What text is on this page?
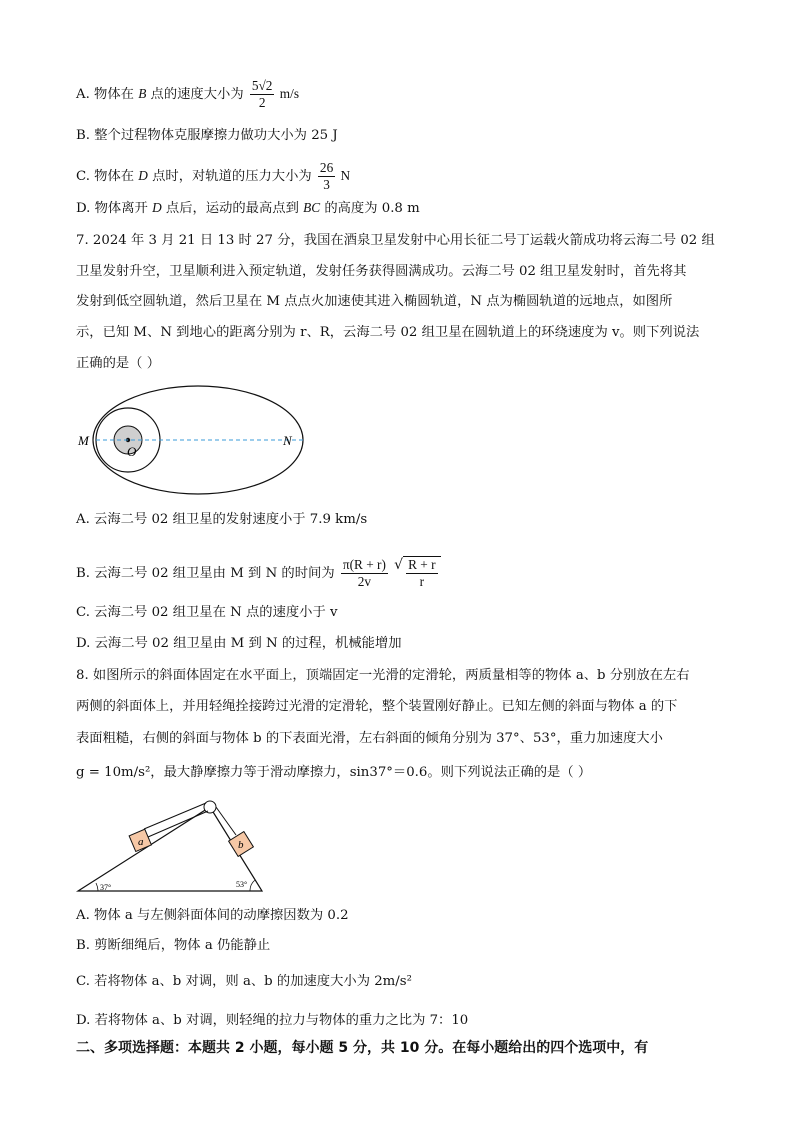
A. 物体在 B 点的速度大小为 $\frac{5√2}{2} m/s$
B. 整个过程物体克服摩擦力做功大小为 25 J
C. 物体在 D 点时，对轨道的压力大小为 $\frac{26}{3}$ N
D. 物体离开 D 点后，运动的最高点到 BC 的高度为 0.8 m
7. 2024 年 3 月 21 日 13 时 27 分，我国在酒泉卫星发射中心用长征二号丁运载火箭成功将云海二号 02 组
卫星发射升空，卫星顺利进入预定轨道，发射任务获得圆满成功。云海二号 02 组卫星发射时，首先将其
发射到低空圆轨道，然后卫星在 M 点点火加速使其进入椭圆轨道，N 点为椭圆轨道的远地点，如图所
示，已知 M、N 到地心的距离分别为 r、R，云海二号 02 组卫星在圆轨道上的环绕速度为 v。则下列说法
正确的是（ ）
M	N
O
A. 云海二号 02 组卫星的发射速度小于 7.9 km/s
B. 云海二号 02 组卫星由 M 到 N 的时间为 $\frac{\pi(R + r)}{2v}$

√ $\frac{R + r}{r}$
C. 云海二号 02 组卫星在 N 点的速度小于 v
D. 云海二号 02 组卫星由 M 到 N 的过程，机械能增加
8. 如图所示的斜面体固定在水平面上，顶端固定一光滑的定滑轮，两质量相等的物体 a、b 分别放在左右
两侧的斜面体上，并用轻绳拴接跨过光滑的定滑轮，整个装置刚好静止。已知左侧的斜面与物体 a 的下
表面粗糙，右侧的斜面与物体 b 的下表面光滑，左右斜面的倾角分别为 37°、53°，重力加速度大小
g = 10m/s²，最大静摩擦力等于滑动摩擦力，sin37°＝0.6。则下列说法正确的是（ ）
a	b
37°	53°
A. 物体 a 与左侧斜面体间的动摩擦因数为 0.2
B. 剪断细绳后，物体 a 仍能静止
C. 若将物体 a、b 对调，则 a、b 的加速度大小为 2m/s²
D. 若将物体 a、b 对调，则轻绳的拉力与物体的重力之比为 7：10
二、多项选择题：本题共 2 小题，每小题 5 分，共 10 分。在每小题给出的四个选项中，有
